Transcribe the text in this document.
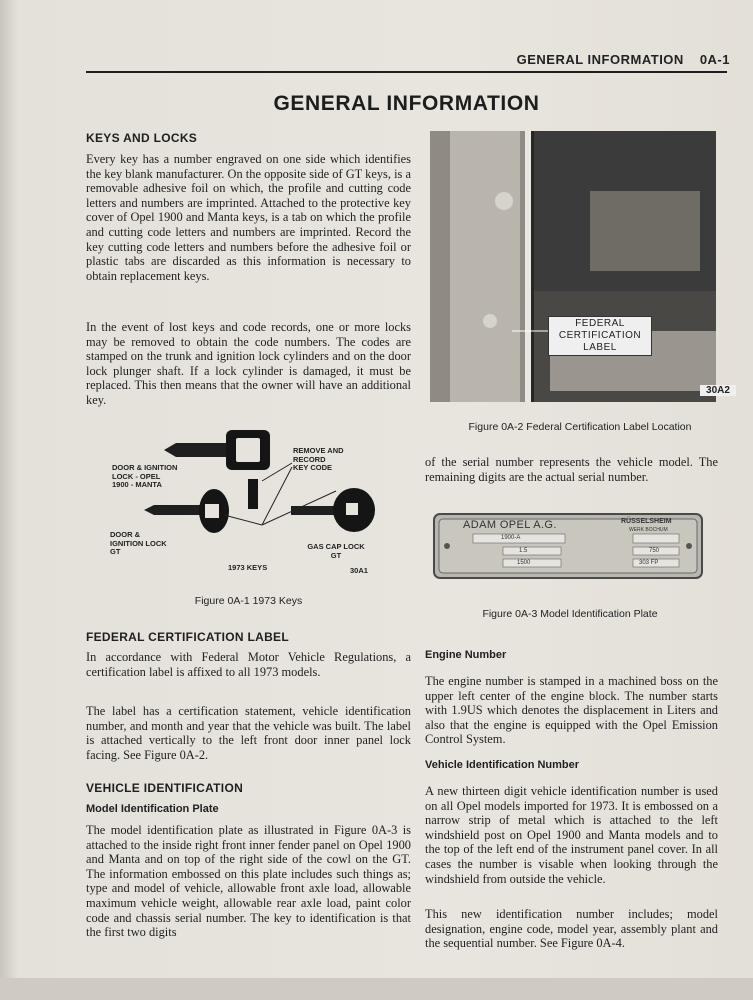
GENERAL INFORMATION 0A-1
GENERAL INFORMATION
KEYS AND LOCKS

Every key has a number engraved on one side which identifies the key blank manufacturer. On the opposite side of GT keys, is a removable adhesive foil on which, the profile and cutting code letters and numbers are imprinted. Attached to the protective key cover of Opel 1900 and Manta keys, is a tab on which the profile and cutting code letters and numbers are imprinted. Record the key cutting code letters and numbers before the adhesive foil or plastic tabs are discarded as this information is necessary to obtain replacement keys.

In the event of lost keys and code records, one or more locks may be removed to obtain the code numbers. The codes are stamped on the trunk and ignition lock cylinders and on the door lock plunger shaft. If a lock cylinder is damaged, it must be replaced. This then means that the owner will have an additional key.

DOOR & IGNITION
LOCK - OPEL
1900 - MANTA
DOOR &
IGNITION LOCK
GT
REMOVE AND
RECORD
KEY CODE
GAS CAP LOCK
GT
1973 KEYS	30A1

Figure 0A-1 1973 Keys

FEDERAL CERTIFICATION LABEL

In accordance with Federal Motor Vehicle Regulations, a certification label is affixed to all 1973 models.

The label has a certification statement, vehicle identification number, and month and year that the vehicle was built. The label is attached vertically to the left front door inner panel lock facing. See Figure 0A-2.

VEHICLE IDENTIFICATION
Model Identification Plate

The model identification plate as illustrated in Figure 0A-3 is attached to the inside right front inner fender panel on Opel 1900 and Manta and on top of the right side of the cowl on the GT. The information embossed on this plate includes such things as; type and model of vehicle, allowable front axle load, allowable maximum vehicle weight, allowable rear axle load, paint color code and chassis serial number. The key to identification is that the first two digits

FEDERAL
CERTIFICATION
LABEL
30A2

Figure 0A-2 Federal Certification Label Location

of the serial number represents the vehicle model. The remaining digits are the actual serial number.

ADAM OPEL A.G.	RÜSSELSHEIM
WERK BOCHUM
1900-A
1.5	750
1500	303 FP

Figure 0A-3 Model Identification Plate

Engine Number

The engine number is stamped in a machined boss on the upper left center of the engine block. The number starts with 1.9US which denotes the displacement in Liters and also that the engine is equipped with the Opel Emission Control System.

Vehicle Identification Number

A new thirteen digit vehicle identification number is used on all Opel models imported for 1973. It is embossed on a narrow strip of metal which is attached to the left windshield post on Opel 1900 and Manta models and to the top of the left end of the instrument panel cover. In all cases the number is visable when looking through the windshield from outside the vehicle.

This new identification number includes; model designation, engine code, model year, assembly plant and the sequential number. See Figure 0A-4.
